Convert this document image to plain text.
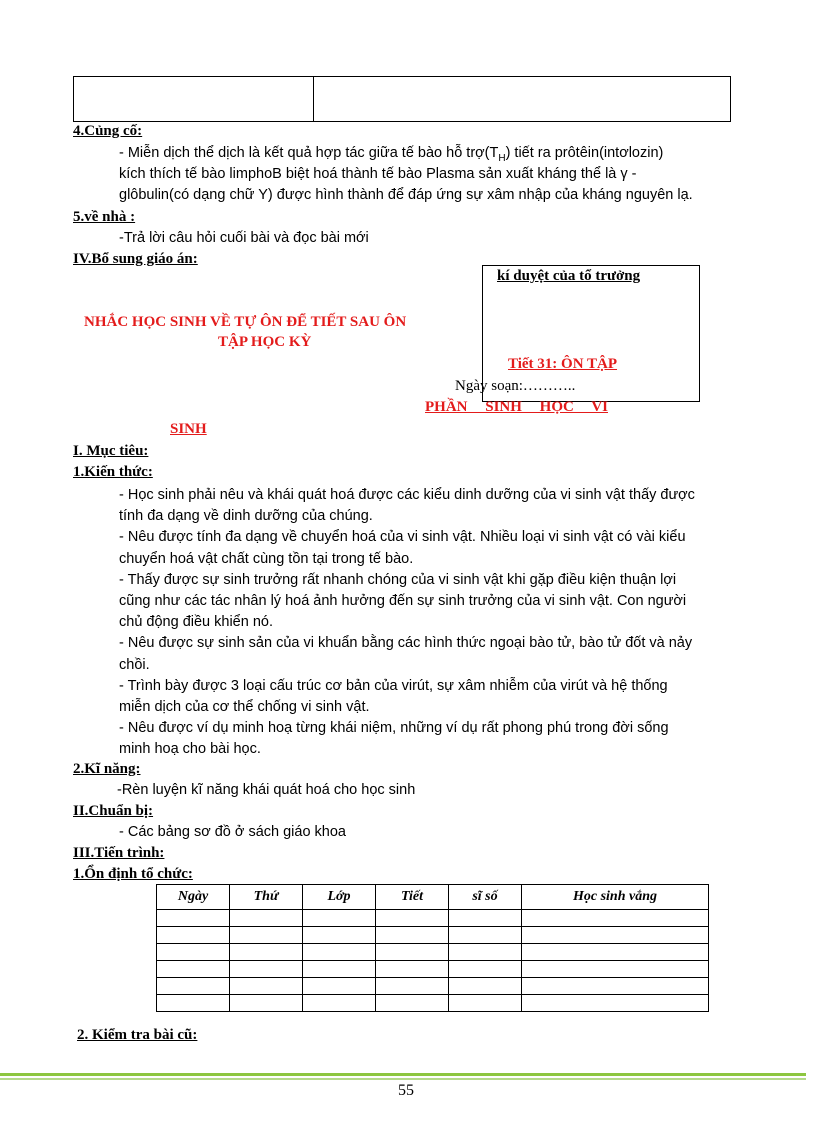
4.Củng cố:
- Miễn dịch thể dịch là kết quả hợp tác giữa tế bào hỗ $trợ(T_H)$ tiết ra prôtêin(intơlozin)
kích thích tế bào limphoB biệt hoá thành tế bào Plasma sản xuất kháng thể là γ -
glôbulin(có dạng chữ Y) được hình thành để đáp ứng sự xâm nhập của kháng nguyên lạ.
5.về nhà :
-Trả lời câu hỏi cuối bài và đọc bài mới
IV.Bổ sung giáo án:
kí duyệt của tổ trưởng
NHẮC HỌC SINH VỀ TỰ ÔN ĐỂ TIẾT SAU ÔN
TẬP HỌC KỲ
Tiết 31: ÔN TẬP
Ngày soạn:………..
PHẦN SINH HỌC VI
SINH
I. Mục tiêu:
1.Kiến thức:
- Học sinh phải nêu và khái quát hoá được các kiểu dinh dưỡng của vi sinh vật thấy được
tính đa dạng về dinh dưỡng của chúng.
- Nêu được tính đa dạng về chuyển hoá của vi sinh vật. Nhiều loại vi sinh vật có vài kiểu
chuyển hoá vật chất cùng tồn tại trong tế bào.
- Thấy được sự sinh trưởng rất nhanh chóng của vi sinh vật khi gặp điều kiện thuận lợi
cũng như các tác nhân lý hoá ảnh hưởng đến sự sinh trưởng của vi sinh vật. Con người
chủ động điều khiển nó.
- Nêu được sự sinh sản của vi khuẩn bằng các hình thức ngoại bào tử, bào tử đốt và nảy
chồi.
- Trình bày được 3 loại cấu trúc cơ bản của virút, sự xâm nhiễm của virút và hệ thống
miễn dịch của cơ thể chống vi sinh vật.
- Nêu được ví dụ minh hoạ từng khái niệm, những ví dụ rất phong phú trong đời sống
minh hoạ cho bài học.
2.Kĩ năng:
-Rèn luyện kĩ năng khái quát hoá cho học sinh
II.Chuẩn bị:
- Các bảng sơ đồ ở sách giáo khoa
III.Tiến trình:
1.Ổn định tổ chức:
Ngày	Thứ	Lớp	Tiết	sĩ số	Học sinh vắng

2. Kiểm tra bài cũ:
55
